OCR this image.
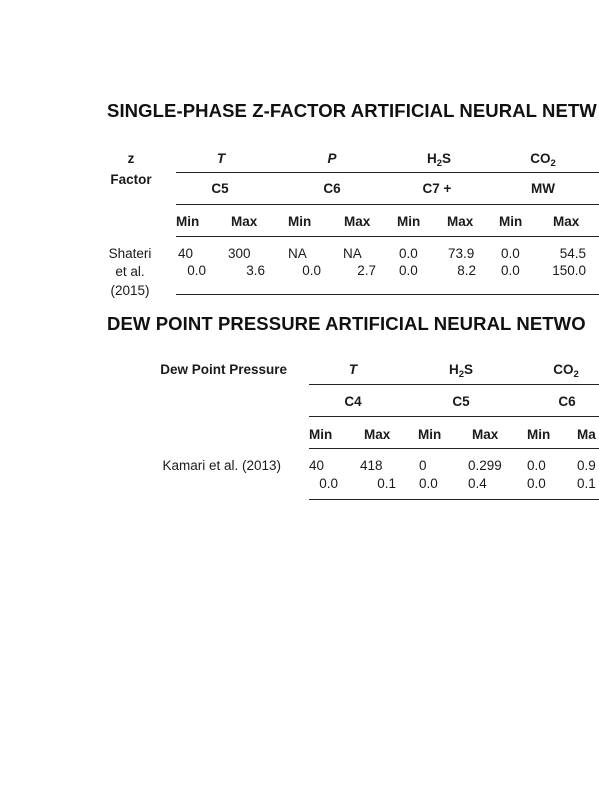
SINGLE-PHASE Z-FACTOR ARTIFICIAL NEURAL NETW
z
Factor
T	P	$H_2S$	$CO_2$
C5	C6	C7 +	MW
Min Max Min Max Min Max Min Max
Shateri
et al.
(2015)
40	300	NA	NA	0.0 73.9 0.0	54.5
0.0	3.6	0.0	2.7 0.0	8.2 0.0 150.0
DEW POINT PRESSURE ARTIFICIAL NEURAL NETWO
Dew Point Pressure	T	$H_2S$	$CO_2$
C4	C5	C6
Min Max Min Max Min Ma
Kamari et al. (2013) 40	418	0	0.299 0.0 0.9
0.0	0.1 0.0 0.4	0.0 0.1
